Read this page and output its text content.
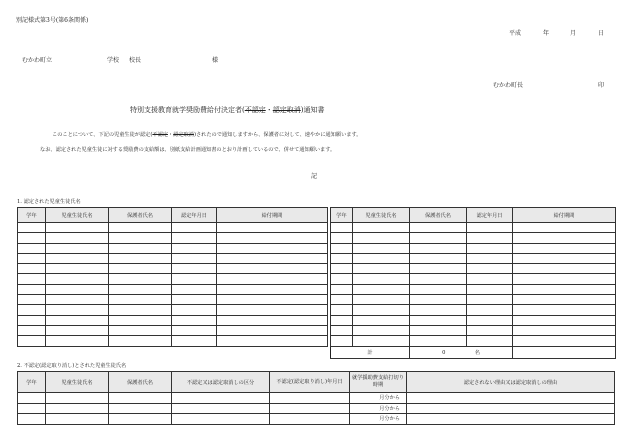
別記様式第3号(第6条関係)
平成	年	月	日
むかわ町立	学校 校長	様
むかわ町長	印
特別支援教育就学奨励費給付決定者(不認定・認定取消)通知書
このことについて、下記の児童生徒が認定(不認定・認定取消)されたので通知しますから、保護者に対して、速やかに通知願います。
なお、認定された児童生徒に対する奨励費の支給額は、別紙支給計画通知書のとおり計画しているので、併せて通知願います。
記
1. 認定された児童生徒氏名
学年	児童生徒氏名	保護者氏名	認定年月日	給付期間

					学年	児童生徒氏名	保護者氏名	認定年月日	給付期間

計		0 名		
2. 不認定(認定取り消し)とされた児童生徒氏名
学年	児童生徒氏名	保護者氏名	不認定又は認定取消しの区分	不認定(認定取り消し)年月日	就学援助費支給打切り時期	認定されない理由又は認定取消しの理由
					月分から	
					月分から	
					月分から	
